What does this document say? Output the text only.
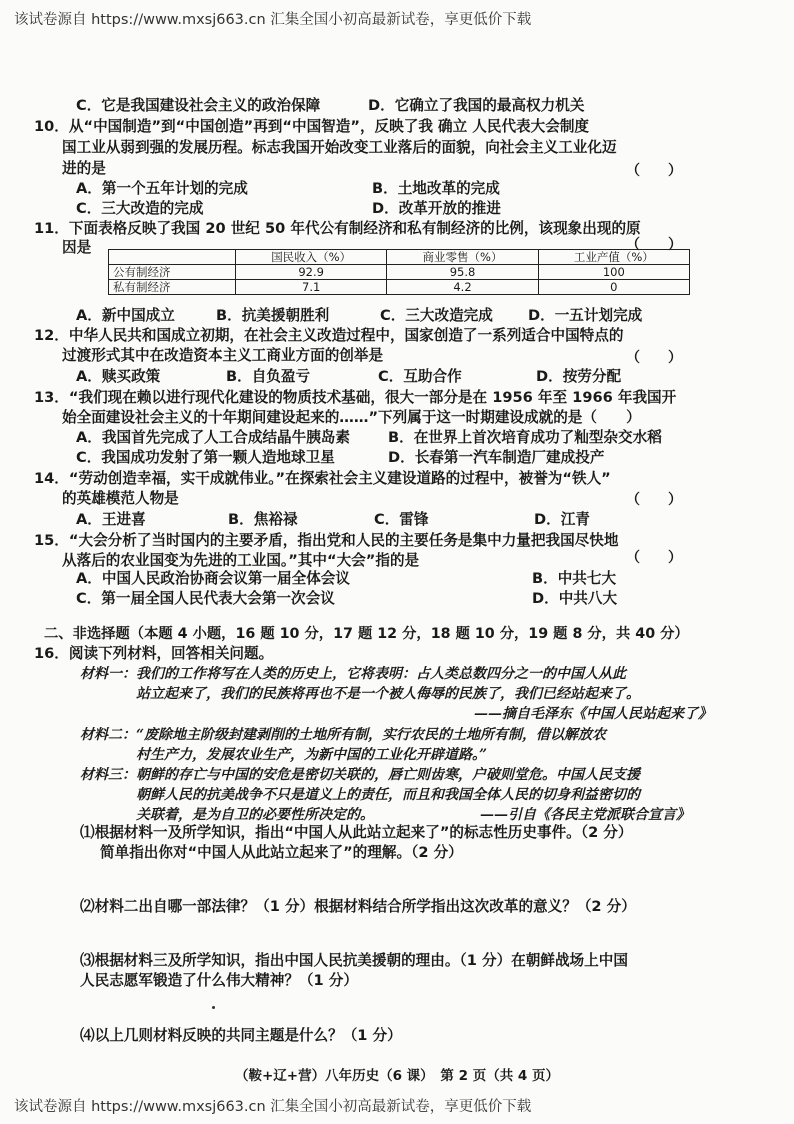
该试卷源自 https://www.mxsj663.cn 汇集全国小初高最新试卷，享更低价下载
C．它是我国建设社会主义的政治保障	D．它确立了我国的最高权力机关
10．从“中国制造”到“中国创造”再到“中国智造”，反映了我 确立 人民代表大会制度
国工业从弱到强的发展历程。标志我国开始改变工业落后的面貌，向社会主义工业化迈
进的是	（　　）
A．第一个五年计划的完成	B．土地改革的完成
C．三大改造的完成	D．改革开放的推进
11．下面表格反映了我国 20 世纪 50 年代公有制经济和私有制经济的比例，该现象出现的原
因是	（　　）
	国民收入（%）	商业零售（%）	工业产值（%）
公有制经济	92.9	95.8	100
私有制经济	7.1	4.2	0
A．新中国成立	B．抗美援朝胜利	C．三大改造完成 D．一五计划完成
12．中华人民共和国成立初期，在社会主义改造过程中，国家创造了一系列适合中国特点的
过渡形式其中在改造资本主义工商业方面的创举是	（　　）
A．赎买政策	B．自负盈亏	C．互助合作	D．按劳分配
13．“我们现在赖以进行现代化建设的物质技术基础，很大一部分是在 1956 年至 1966 年我国开
始全面建设社会主义的十年期间建设起来的……”下列属于这一时期建设成就的是（　　）
A．我国首先完成了人工合成结晶牛胰岛素	B．在世界上首次培育成功了籼型杂交水稻
C．我国成功发射了第一颗人造地球卫星	D．长春第一汽车制造厂建成投产
14．“劳动创造幸福，实干成就伟业。”在探索社会主义建设道路的过程中，被誉为“铁人”
的英雄模范人物是	（　　）
A．王进喜	B．焦裕禄	C．雷锋	D．江青
15．“大会分析了当时国内的主要矛盾，指出党和人民的主要任务是集中力量把我国尽快地
从落后的农业国变为先进的工业国。”其中“大会”指的是	（　　）
A．中国人民政治协商会议第一届全体会议	B．中共七大
C．第一届全国人民代表大会第一次会议	D．中共八大
二、非选择题（本题 4 小题，16 题 10 分，17 题 12 分，18 题 10 分，19 题 8 分，共 40 分）
16．阅读下列材料，回答相关问题。
材料一：我们的工作将写在人类的历史上，它将表明：占人类总数四分之一的中国人从此
站立起来了，我们的民族将再也不是一个被人侮辱的民族了，我们已经站起来了。
——摘自毛泽东《中国人民站起来了》
材料二：“废除地主阶级封建剥削的土地所有制，实行农民的土地所有制，借以解放农
村生产力，发展农业生产，为新中国的工业化开辟道路。”
材料三：朝鲜的存亡与中国的安危是密切关联的，唇亡则齿寒，户破则堂危。中国人民支援
朝鲜人民的抗美战争不只是道义上的责任，而且和我国全体人民的切身利益密切的
关联着，是为自卫的必要性所决定的。	——引自《各民主党派联合宣言》
⑴根据材料一及所学知识，指出“中国人从此站立起来了”的标志性历史事件。（2 分）
简单指出你对“中国人从此站立起来了”的理解。（2 分）
⑵材料二出自哪一部法律？（1 分）根据材料结合所学指出这次改革的意义？（2 分）
⑶根据材料三及所学知识，指出中国人民抗美援朝的理由。（1 分）在朝鲜战场上中国
人民志愿军锻造了什么伟大精神？（1 分）
⑷以上几则材料反映的共同主题是什么？（1 分）
（鞍+辽+营）八年历史（6 课）　第 2 页（共 4 页）
该试卷源自 https://www.mxsj663.cn 汇集全国小初高最新试卷，享更低价下载
